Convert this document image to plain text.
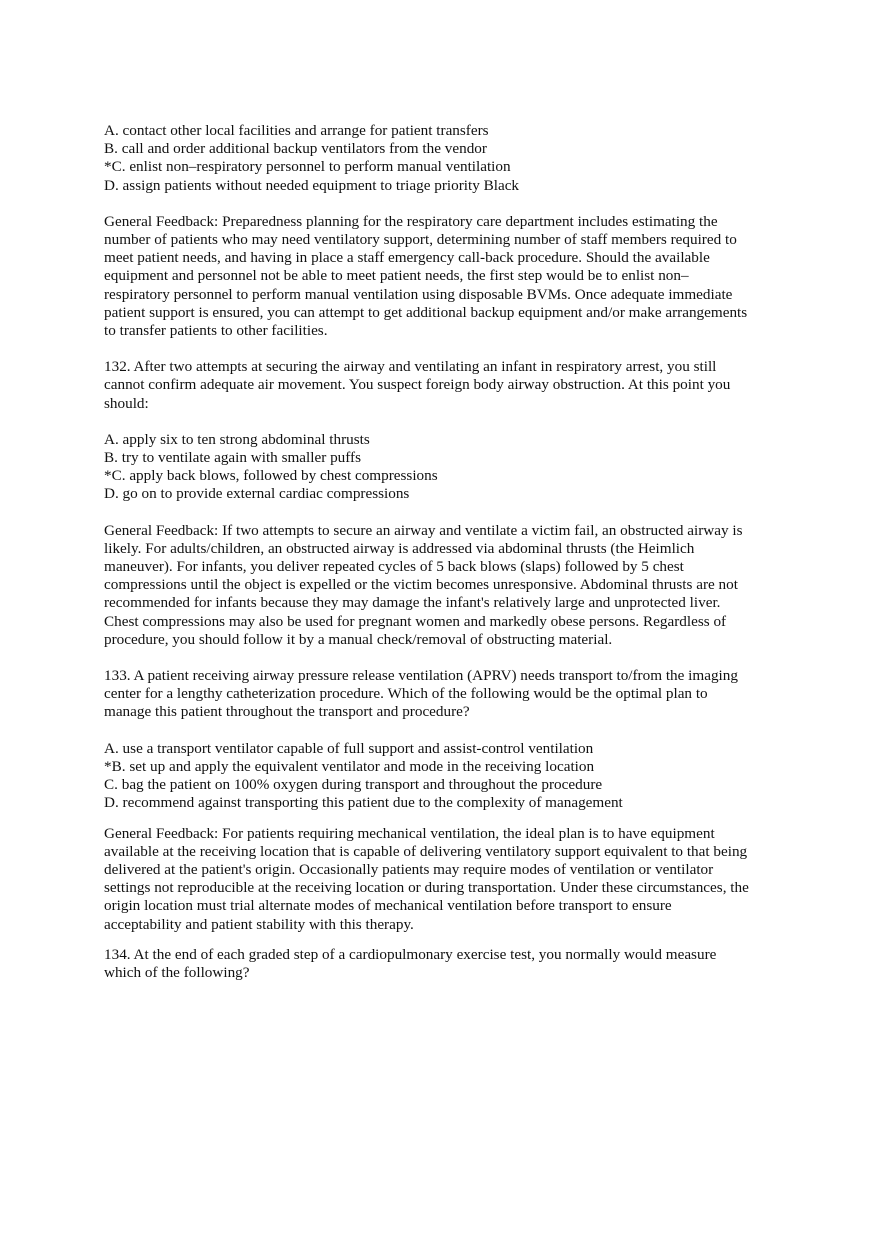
A. contact other local facilities and arrange for patient transfers
B. call and order additional backup ventilators from the vendor
*C. enlist non–respiratory personnel to perform manual ventilation
D. assign patients without needed equipment to triage priority Black
General Feedback: Preparedness planning for the respiratory care department includes estimating the
number of patients who may need ventilatory support, determining number of staff members required to
meet patient needs, and having in place a staff emergency call-back procedure. Should the available
equipment and personnel not be able to meet patient needs, the first step would be to enlist non–
respiratory personnel to perform manual ventilation using disposable BVMs. Once adequate immediate
patient support is ensured, you can attempt to get additional backup equipment and/or make arrangements
to transfer patients to other facilities.
132. After two attempts at securing the airway and ventilating an infant in respiratory arrest, you still
cannot confirm adequate air movement. You suspect foreign body airway obstruction. At this point you
should:
A. apply six to ten strong abdominal thrusts
B. try to ventilate again with smaller puffs
*C. apply back blows, followed by chest compressions
D. go on to provide external cardiac compressions
General Feedback: If two attempts to secure an airway and ventilate a victim fail, an obstructed airway is
likely. For adults/children, an obstructed airway is addressed via abdominal thrusts (the Heimlich
maneuver). For infants, you deliver repeated cycles of 5 back blows (slaps) followed by 5 chest
compressions until the object is expelled or the victim becomes unresponsive. Abdominal thrusts are not
recommended for infants because they may damage the infant's relatively large and unprotected liver.
Chest compressions may also be used for pregnant women and markedly obese persons. Regardless of
procedure, you should follow it by a manual check/removal of obstructing material.
133. A patient receiving airway pressure release ventilation (APRV) needs transport to/from the imaging
center for a lengthy catheterization procedure. Which of the following would be the optimal plan to
manage this patient throughout the transport and procedure?
A. use a transport ventilator capable of full support and assist-control ventilation
*B. set up and apply the equivalent ventilator and mode in the receiving location
C. bag the patient on 100% oxygen during transport and throughout the procedure
D. recommend against transporting this patient due to the complexity of management
General Feedback: For patients requiring mechanical ventilation, the ideal plan is to have equipment
available at the receiving location that is capable of delivering ventilatory support equivalent to that being
delivered at the patient's origin. Occasionally patients may require modes of ventilation or ventilator
settings not reproducible at the receiving location or during transportation. Under these circumstances, the
origin location must trial alternate modes of mechanical ventilation before transport to ensure
acceptability and patient stability with this therapy.
134. At the end of each graded step of a cardiopulmonary exercise test, you normally would measure
which of the following?
